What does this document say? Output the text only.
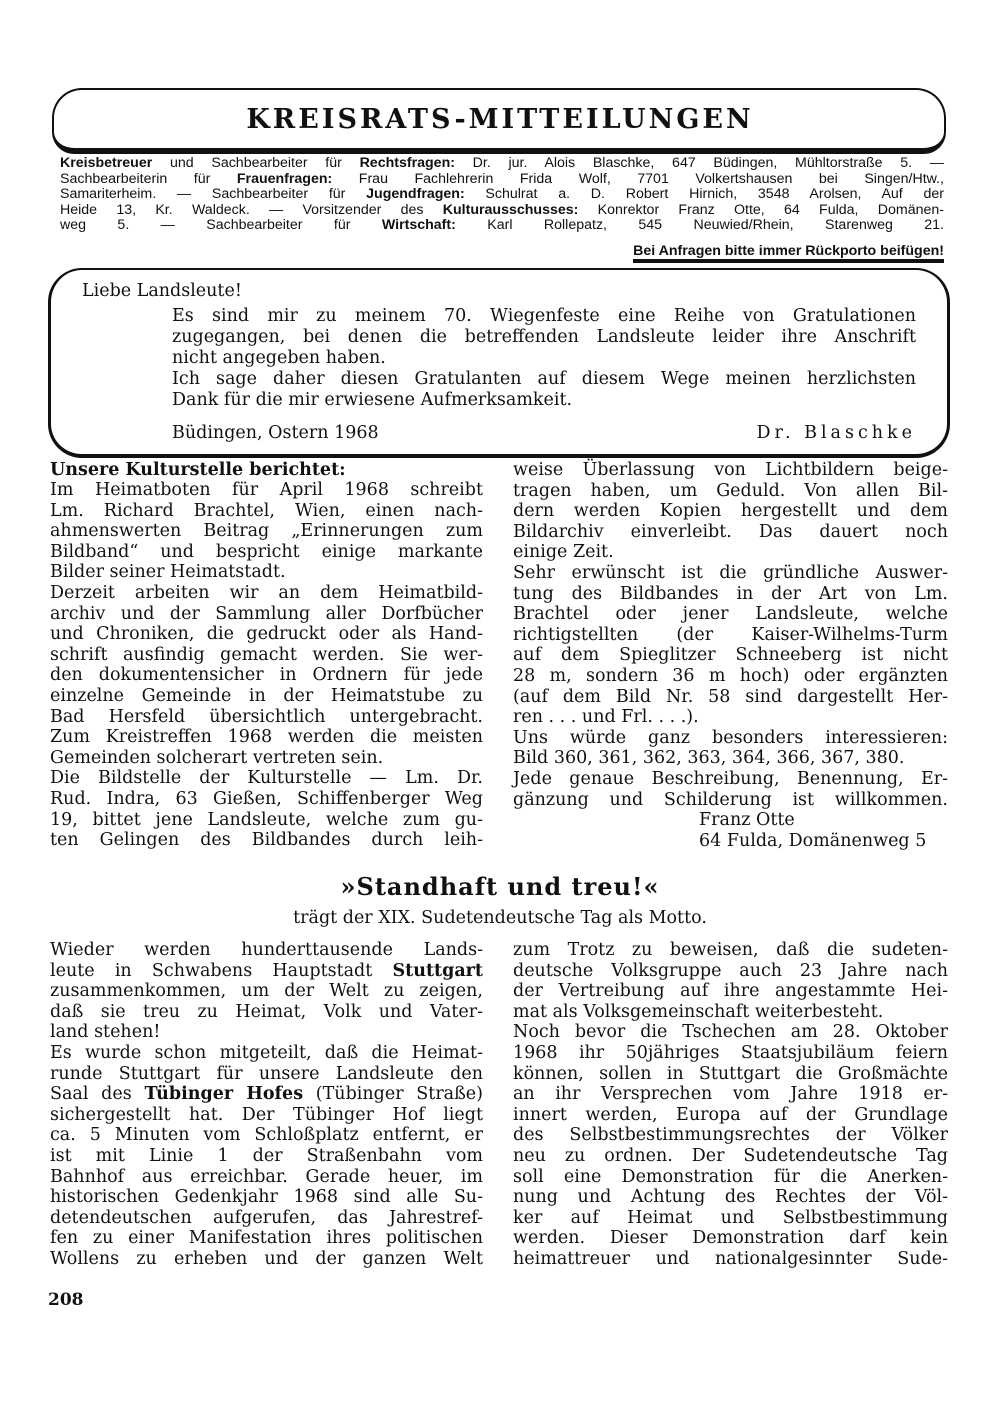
KREISRATS-MITTEILUNGEN
Kreisbetreuer und Sachbearbeiter für Rechtsfragen: Dr. jur. Alois Blaschke, 647 Büdingen, Mühltorstraße 5. —
Sachbearbeiterin für Frauenfragen: Frau Fachlehrerin Frida Wolf, 7701 Volkertshausen bei Singen/Htw.,
Samariterheim. — Sachbearbeiter für Jugendfragen: Schulrat a. D. Robert Hirnich, 3548 Arolsen, Auf der
Heide 13, Kr. Waldeck. — Vorsitzender des Kulturausschusses: Konrektor Franz Otte, 64 Fulda, Domänen-
weg 5. — Sachbearbeiter für Wirtschaft: Karl Rollepatz, 545 Neuwied/Rhein, Starenweg 21.
Bei Anfragen bitte immer Rückporto beifügen!
Liebe Landsleute!
Es sind mir zu meinem 70. Wiegenfeste eine Reihe von Gratulationen
zugegangen, bei denen die betreffenden Landsleute leider ihre Anschrift
nicht angegeben haben.
Ich sage daher diesen Gratulanten auf diesem Wege meinen herzlichsten
Dank für die mir erwiesene Aufmerksamkeit.
Büdingen, Ostern 1968	Dr. Blaschke
Unsere Kulturstelle berichtet:
Im Heimatboten für April 1968 schreibt
Lm. Richard Brachtel, Wien, einen nach-
ahmenswerten Beitrag „Erinnerungen zum
Bildband“ und bespricht einige markante
Bilder seiner Heimatstadt.
Derzeit arbeiten wir an dem Heimatbild-
archiv und der Sammlung aller Dorfbücher
und Chroniken, die gedruckt oder als Hand-
schrift ausfindig gemacht werden. Sie wer-
den dokumentensicher in Ordnern für jede
einzelne Gemeinde in der Heimatstube zu
Bad Hersfeld übersichtlich untergebracht.
Zum Kreistreffen 1968 werden die meisten
Gemeinden solcherart vertreten sein.
Die Bildstelle der Kulturstelle — Lm. Dr.
Rud. Indra, 63 Gießen, Schiffenberger Weg
19, bittet jene Landsleute, welche zum gu-
ten Gelingen des Bildbandes durch leih-
weise Überlassung von Lichtbildern beige-
tragen haben, um Geduld. Von allen Bil-
dern werden Kopien hergestellt und dem
Bildarchiv einverleibt. Das dauert noch
einige Zeit.
Sehr erwünscht ist die gründliche Auswer-
tung des Bildbandes in der Art von Lm.
Brachtel oder jener Landsleute, welche
richtigstellten (der Kaiser-Wilhelms-Turm
auf dem Spieglitzer Schneeberg ist nicht
28 m, sondern 36 m hoch) oder ergänzten
(auf dem Bild Nr. 58 sind dargestellt Her-
ren . . . und Frl. . . .).
Uns würde ganz besonders interessieren:
Bild 360, 361, 362, 363, 364, 366, 367, 380.
Jede genaue Beschreibung, Benennung, Er-
gänzung und Schilderung ist willkommen.
Franz Otte
64 Fulda, Domänenweg 5
»Standhaft und treu!«
trägt der XIX. Sudetendeutsche Tag als Motto.
Wieder werden hunderttausende Lands-
leute in Schwabens Hauptstadt Stuttgart
zusammenkommen, um der Welt zu zeigen,
daß sie treu zu Heimat, Volk und Vater-
land stehen!
Es wurde schon mitgeteilt, daß die Heimat-
runde Stuttgart für unsere Landsleute den
Saal des Tübinger Hofes (Tübinger Straße)
sichergestellt hat. Der Tübinger Hof liegt
ca. 5 Minuten vom Schloßplatz entfernt, er
ist mit Linie 1 der Straßenbahn vom
Bahnhof aus erreichbar. Gerade heuer, im
historischen Gedenkjahr 1968 sind alle Su-
detendeutschen aufgerufen, das Jahrestref-
fen zu einer Manifestation ihres politischen
Wollens zu erheben und der ganzen Welt
zum Trotz zu beweisen, daß die sudeten-
deutsche Volksgruppe auch 23 Jahre nach
der Vertreibung auf ihre angestammte Hei-
mat als Volksgemeinschaft weiterbesteht.
Noch bevor die Tschechen am 28. Oktober
1968 ihr 50jähriges Staatsjubiläum feiern
können, sollen in Stuttgart die Großmächte
an ihr Versprechen vom Jahre 1918 er-
innert werden, Europa auf der Grundlage
des Selbstbestimmungsrechtes der Völker
neu zu ordnen. Der Sudetendeutsche Tag
soll eine Demonstration für die Anerken-
nung und Achtung des Rechtes der Völ-
ker auf Heimat und Selbstbestimmung
werden. Dieser Demonstration darf kein
heimattreuer und nationalgesinnter Sude-
208
